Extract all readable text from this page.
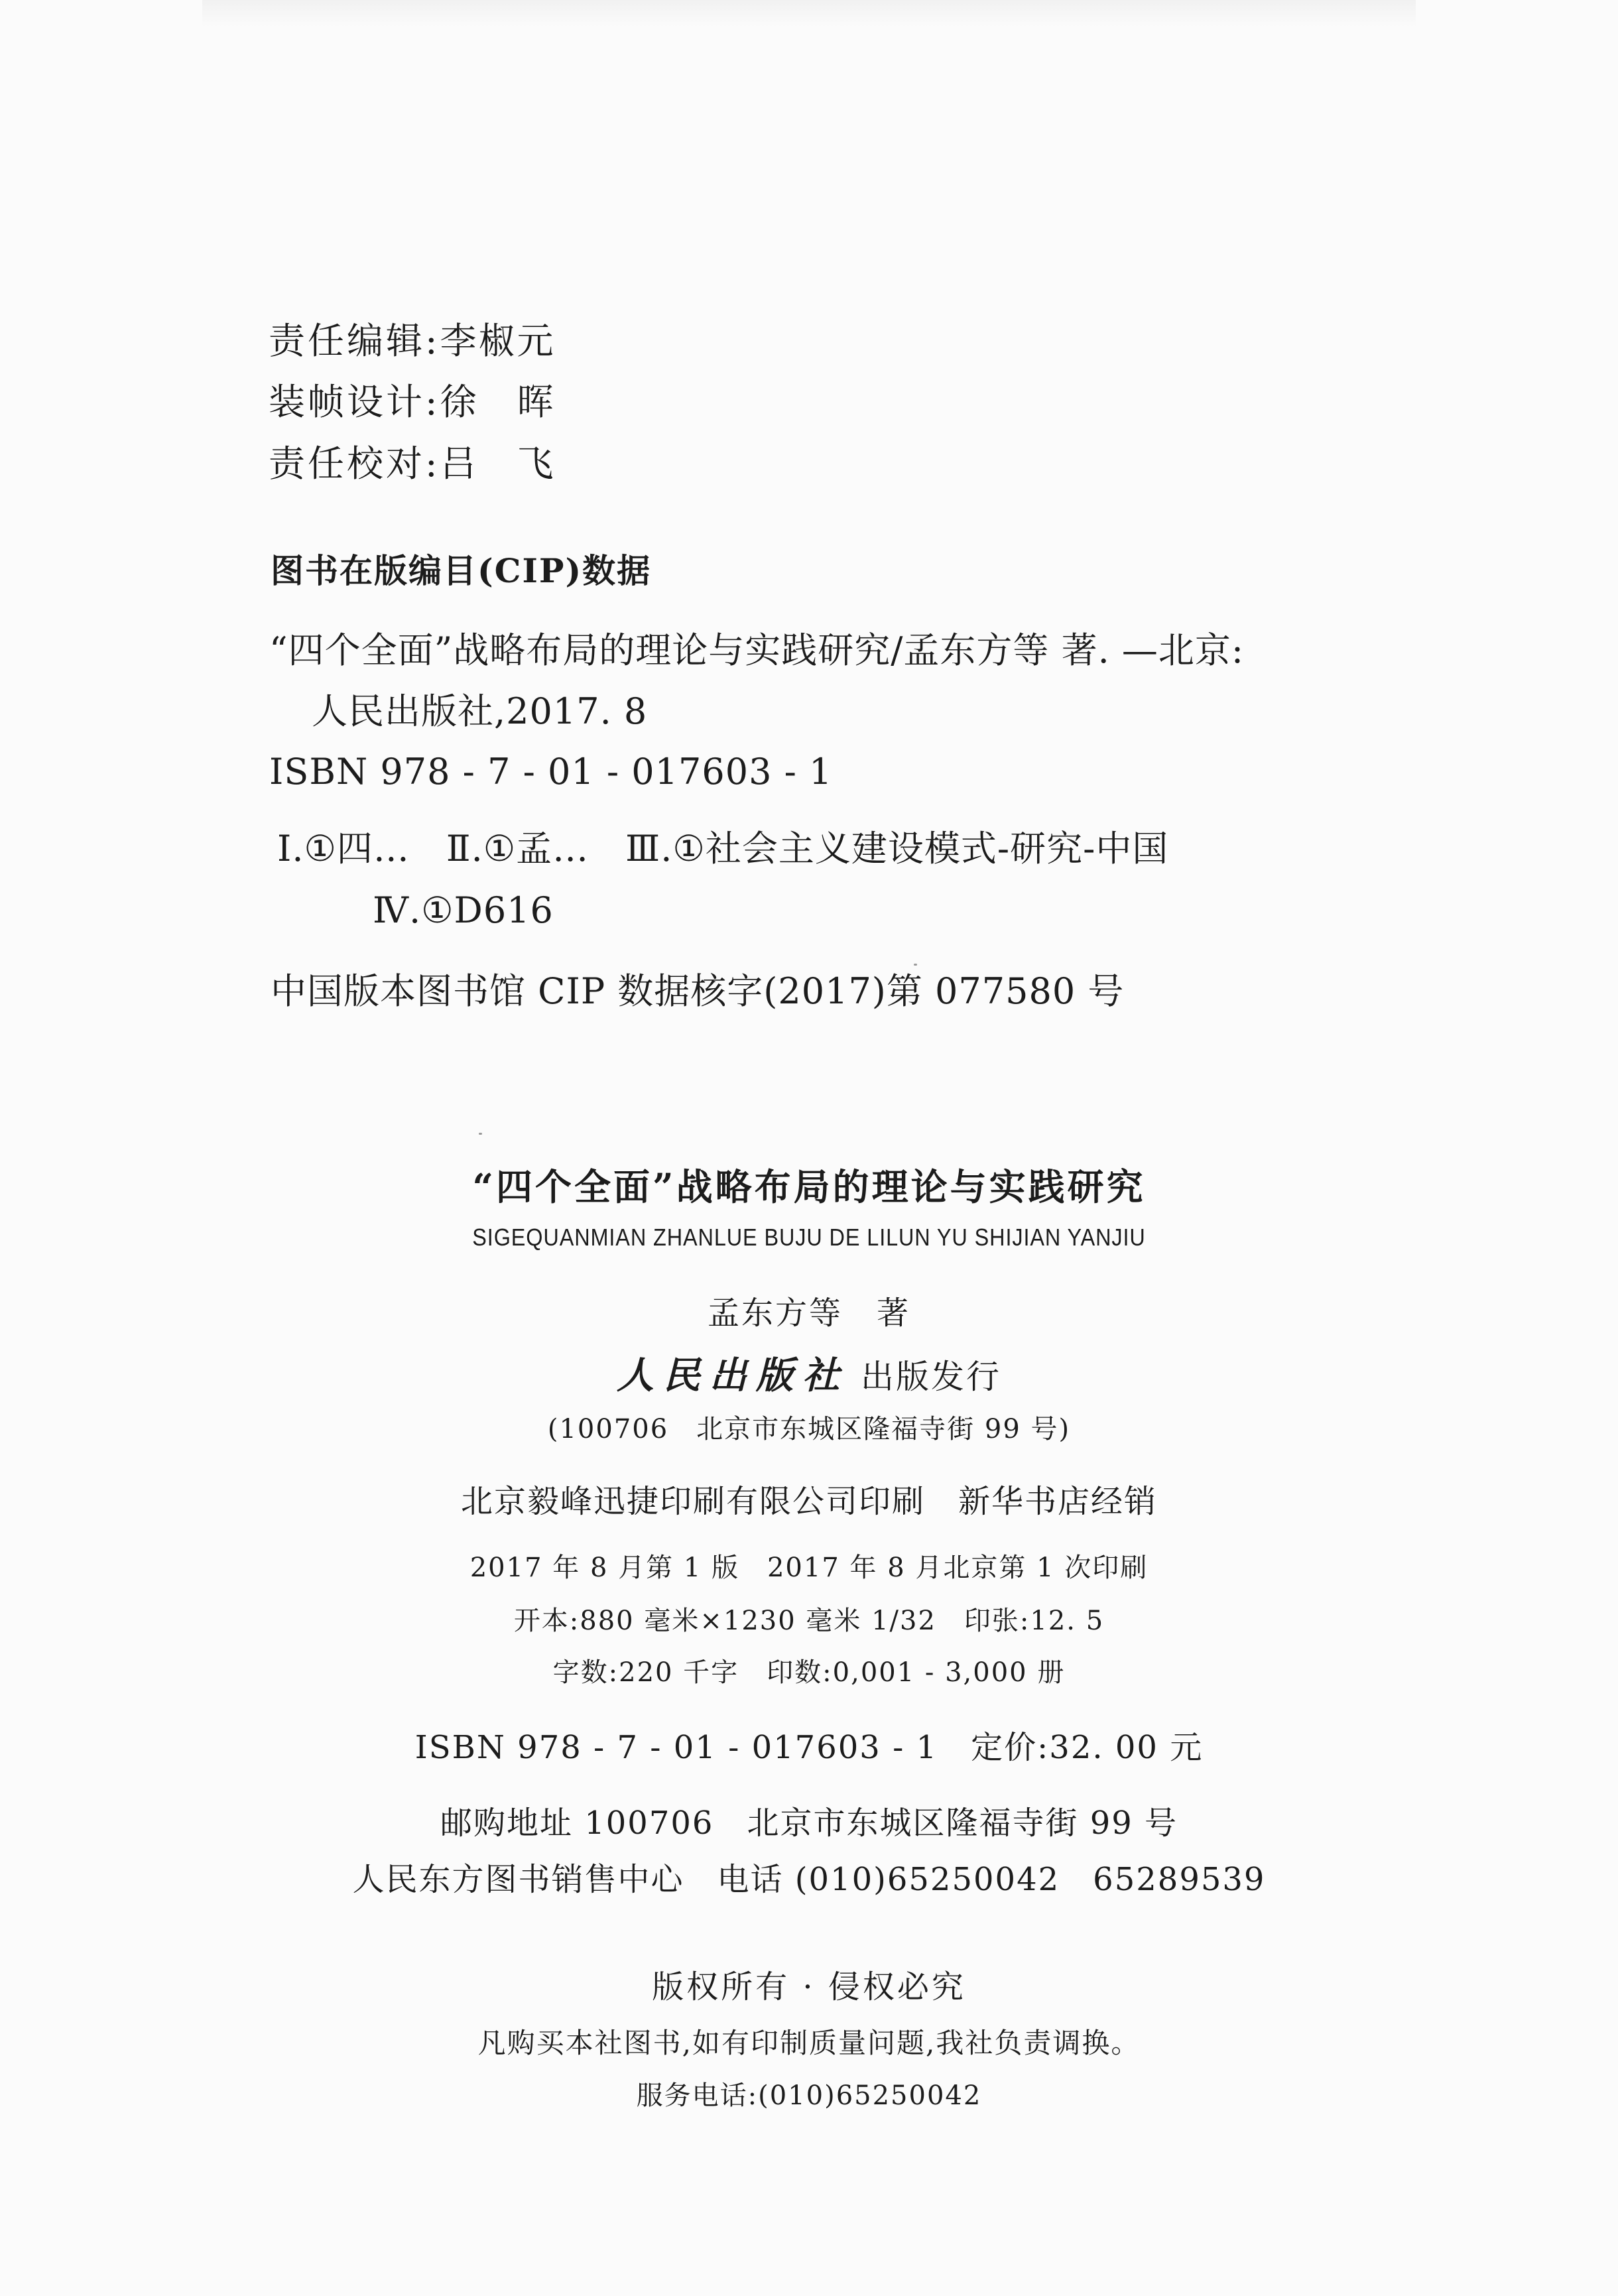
责任编辑:李椒元
装帧设计:徐　晖
责任校对:吕　飞
图书在版编目(CIP)数据
“四个全面”战略布局的理论与实践研究/孟东方等 著. —北京:
人民出版社,2017. 8
ISBN 978 - 7 - 01 - 017603 - 1
Ⅰ.①四…　Ⅱ.①孟…　Ⅲ.①社会主义建设模式-研究-中国
Ⅳ.①D616
中国版本图书馆 CIP 数据核字(2017)第 077580 号
“四个全面”战略布局的理论与实践研究
SIGEQUANMIAN ZHANLUE BUJU DE LILUN YU SHIJIAN YANJIU
孟东方等　著
人民出版社 出版发行
(100706　北京市东城区隆福寺街 99 号)
北京毅峰迅捷印刷有限公司印刷　新华书店经销
2017 年 8 月第 1 版　2017 年 8 月北京第 1 次印刷
开本:880 毫米×1230 毫米 1/32　印张:12. 5
字数:220 千字　印数:0,001 - 3,000 册
ISBN 978 - 7 - 01 - 017603 - 1　定价:32. 00 元
邮购地址 100706　北京市东城区隆福寺街 99 号
人民东方图书销售中心　电话 (010)65250042　65289539
版权所有 · 侵权必究
凡购买本社图书,如有印制质量问题,我社负责调换。
服务电话:(010)65250042
